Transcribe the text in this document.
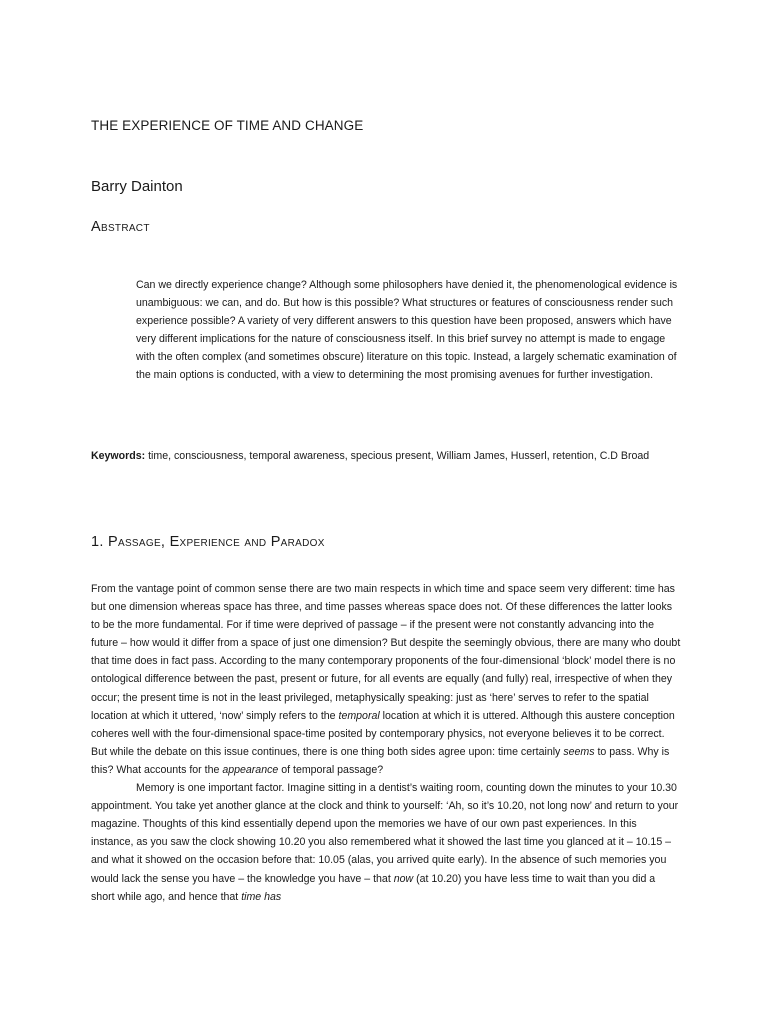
THE EXPERIENCE OF TIME AND CHANGE
Barry Dainton
Abstract
Can we directly experience change? Although some philosophers have denied it, the phenomenological evidence is unambiguous: we can, and do. But how is this possible? What structures or features of consciousness render such experience possible? A variety of very different answers to this question have been proposed, answers which have very different implications for the nature of consciousness itself. In this brief survey no attempt is made to engage with the often complex (and sometimes obscure) literature on this topic. Instead, a largely schematic examination of the main options is conducted, with a view to determining the most promising avenues for further investigation.
Keywords: time, consciousness, temporal awareness, specious present, William James, Husserl, retention, C.D Broad
1. Passage, Experience and Paradox

From the vantage point of common sense there are two main respects in which time and space seem very different: time has but one dimension whereas space has three, and time passes whereas space does not. Of these differences the latter looks to be the more fundamental. For if time were deprived of passage – if the present were not constantly advancing into the future – how would it differ from a space of just one dimension? But despite the seemingly obvious, there are many who doubt that time does in fact pass. According to the many contemporary proponents of the four-dimensional ‘block’ model there is no ontological difference between the past, present or future, for all events are equally (and fully) real, irrespective of when they occur; the present time is not in the least privileged, metaphysically speaking: just as ‘here’ serves to refer to the spatial location at which it uttered, ‘now’ simply refers to the temporal location at which it is uttered. Although this austere conception coheres well with the four-dimensional space-time posited by contemporary physics, not everyone believes it to be correct. But while the debate on this issue continues, there is one thing both sides agree upon: time certainly seems to pass. Why is this? What accounts for the appearance of temporal passage?

Memory is one important factor. Imagine sitting in a dentist’s waiting room, counting down the minutes to your 10.30 appointment. You take yet another glance at the clock and think to yourself: ‘Ah, so it’s 10.20, not long now’ and return to your magazine. Thoughts of this kind essentially depend upon the memories we have of our own past experiences. In this instance, as you saw the clock showing 10.20 you also remembered what it showed the last time you glanced at it – 10.15 – and what it showed on the occasion before that: 10.05 (alas, you arrived quite early). In the absence of such memories you would lack the sense you have – the knowledge you have – that now (at 10.20) you have less time to wait than you did a short while ago, and hence that time has
